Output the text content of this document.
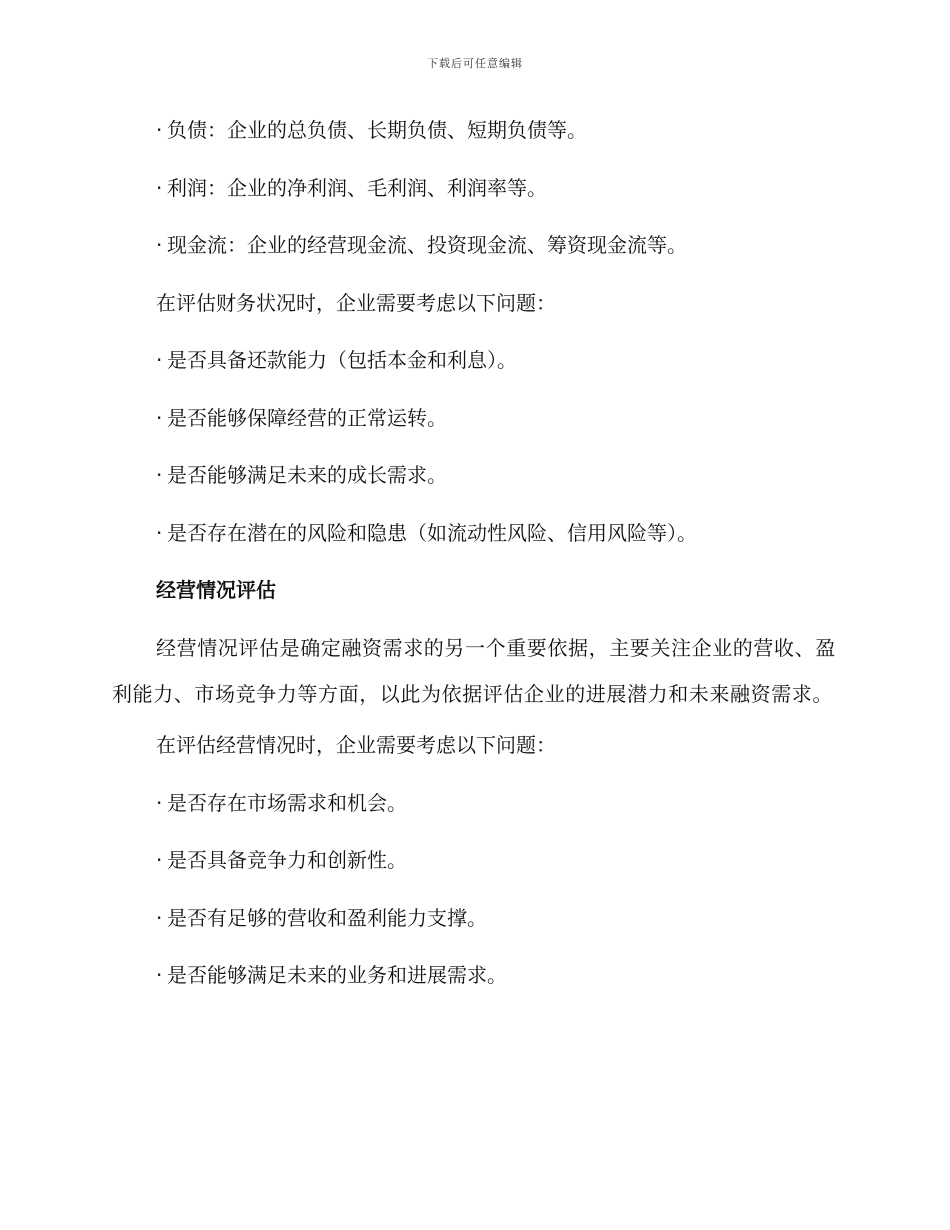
下载后可任意编辑
· 负债：企业的总负债、长期负债、短期负债等。
· 利润：企业的净利润、毛利润、利润率等。
· 现金流：企业的经营现金流、投资现金流、筹资现金流等。
在评估财务状况时，企业需要考虑以下问题：
· 是否具备还款能力（包括本金和利息）。
· 是否能够保障经营的正常运转。
· 是否能够满足未来的成长需求。
· 是否存在潜在的风险和隐患（如流动性风险、信用风险等）。
经营情况评估
经营情况评估是确定融资需求的另一个重要依据，主要关注企业的营收、盈利能力、市场竞争力等方面，以此为依据评估企业的进展潜力和未来融资需求。
在评估经营情况时，企业需要考虑以下问题：
· 是否存在市场需求和机会。
· 是否具备竞争力和创新性。
· 是否有足够的营收和盈利能力支撑。
· 是否能够满足未来的业务和进展需求。
